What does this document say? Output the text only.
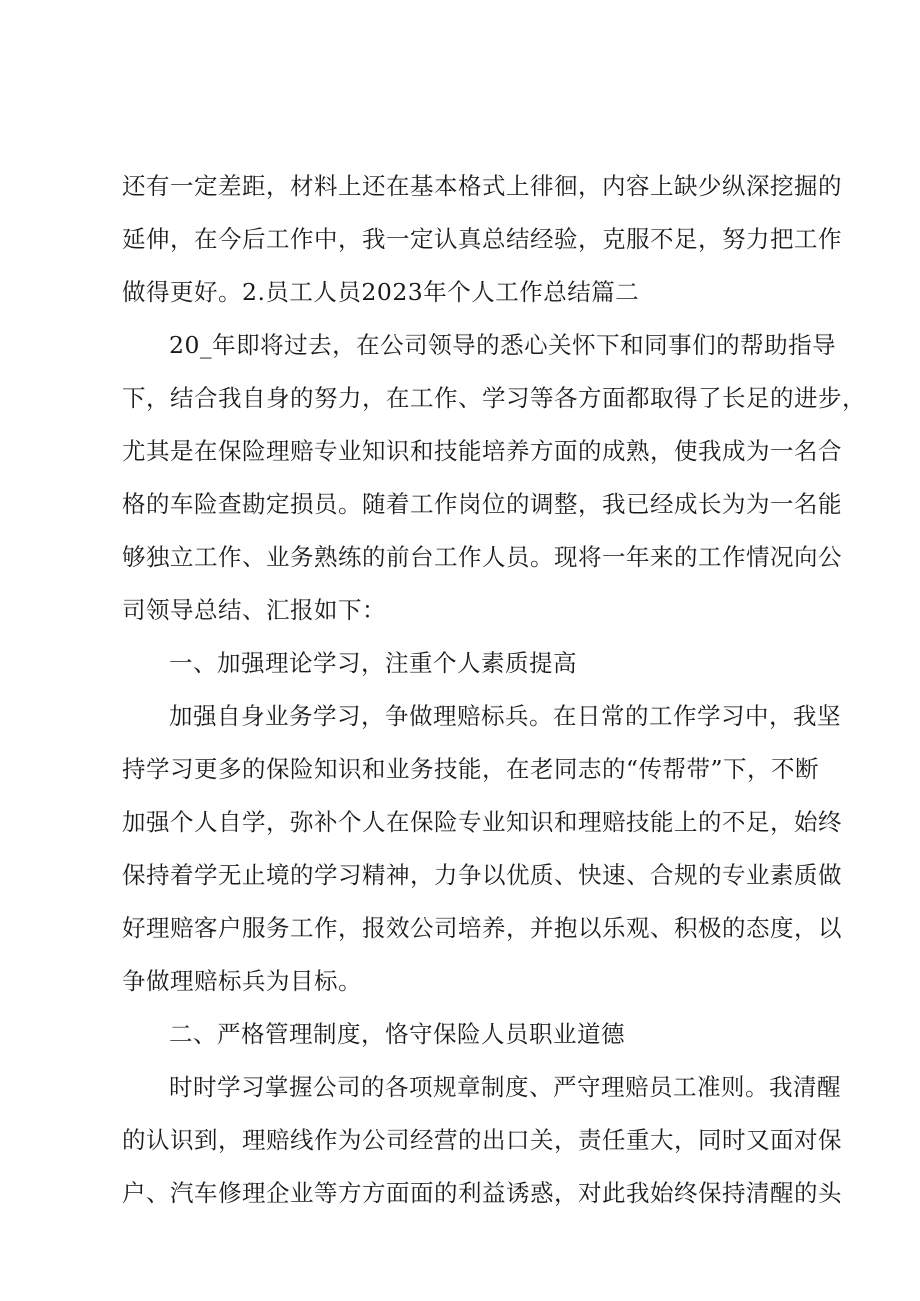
还有一定差距，材料上还在基本格式上徘徊，内容上缺少纵深挖掘的
延伸，在今后工作中，我一定认真总结经验，克服不足，努力把工作
做得更好。2.员工人员2023年个人工作总结篇二

20_年即将过去，在公司领导的悉心关怀下和同事们的帮助指导
下，结合我自身的努力，在工作、学习等各方面都取得了长足的进步，
尤其是在保险理赔专业知识和技能培养方面的成熟，使我成为一名合
格的车险查勘定损员。随着工作岗位的调整，我已经成长为为一名能
够独立工作、业务熟练的前台工作人员。现将一年来的工作情况向公
司领导总结、汇报如下：

一、加强理论学习，注重个人素质提高

加强自身业务学习，争做理赔标兵。在日常的工作学习中，我坚
持学习更多的保险知识和业务技能，在老同志的“传帮带”下，不断
加强个人自学，弥补个人在保险专业知识和理赔技能上的不足，始终
保持着学无止境的学习精神，力争以优质、快速、合规的专业素质做
好理赔客户服务工作，报效公司培养，并抱以乐观、积极的态度，以
争做理赔标兵为目标。

二、严格管理制度，恪守保险人员职业道德

时时学习掌握公司的各项规章制度、严守理赔员工准则。我清醒
的认识到，理赔线作为公司经营的出口关，责任重大，同时又面对保
户、汽车修理企业等方方面面的利益诱惑，对此我始终保持清醒的头
